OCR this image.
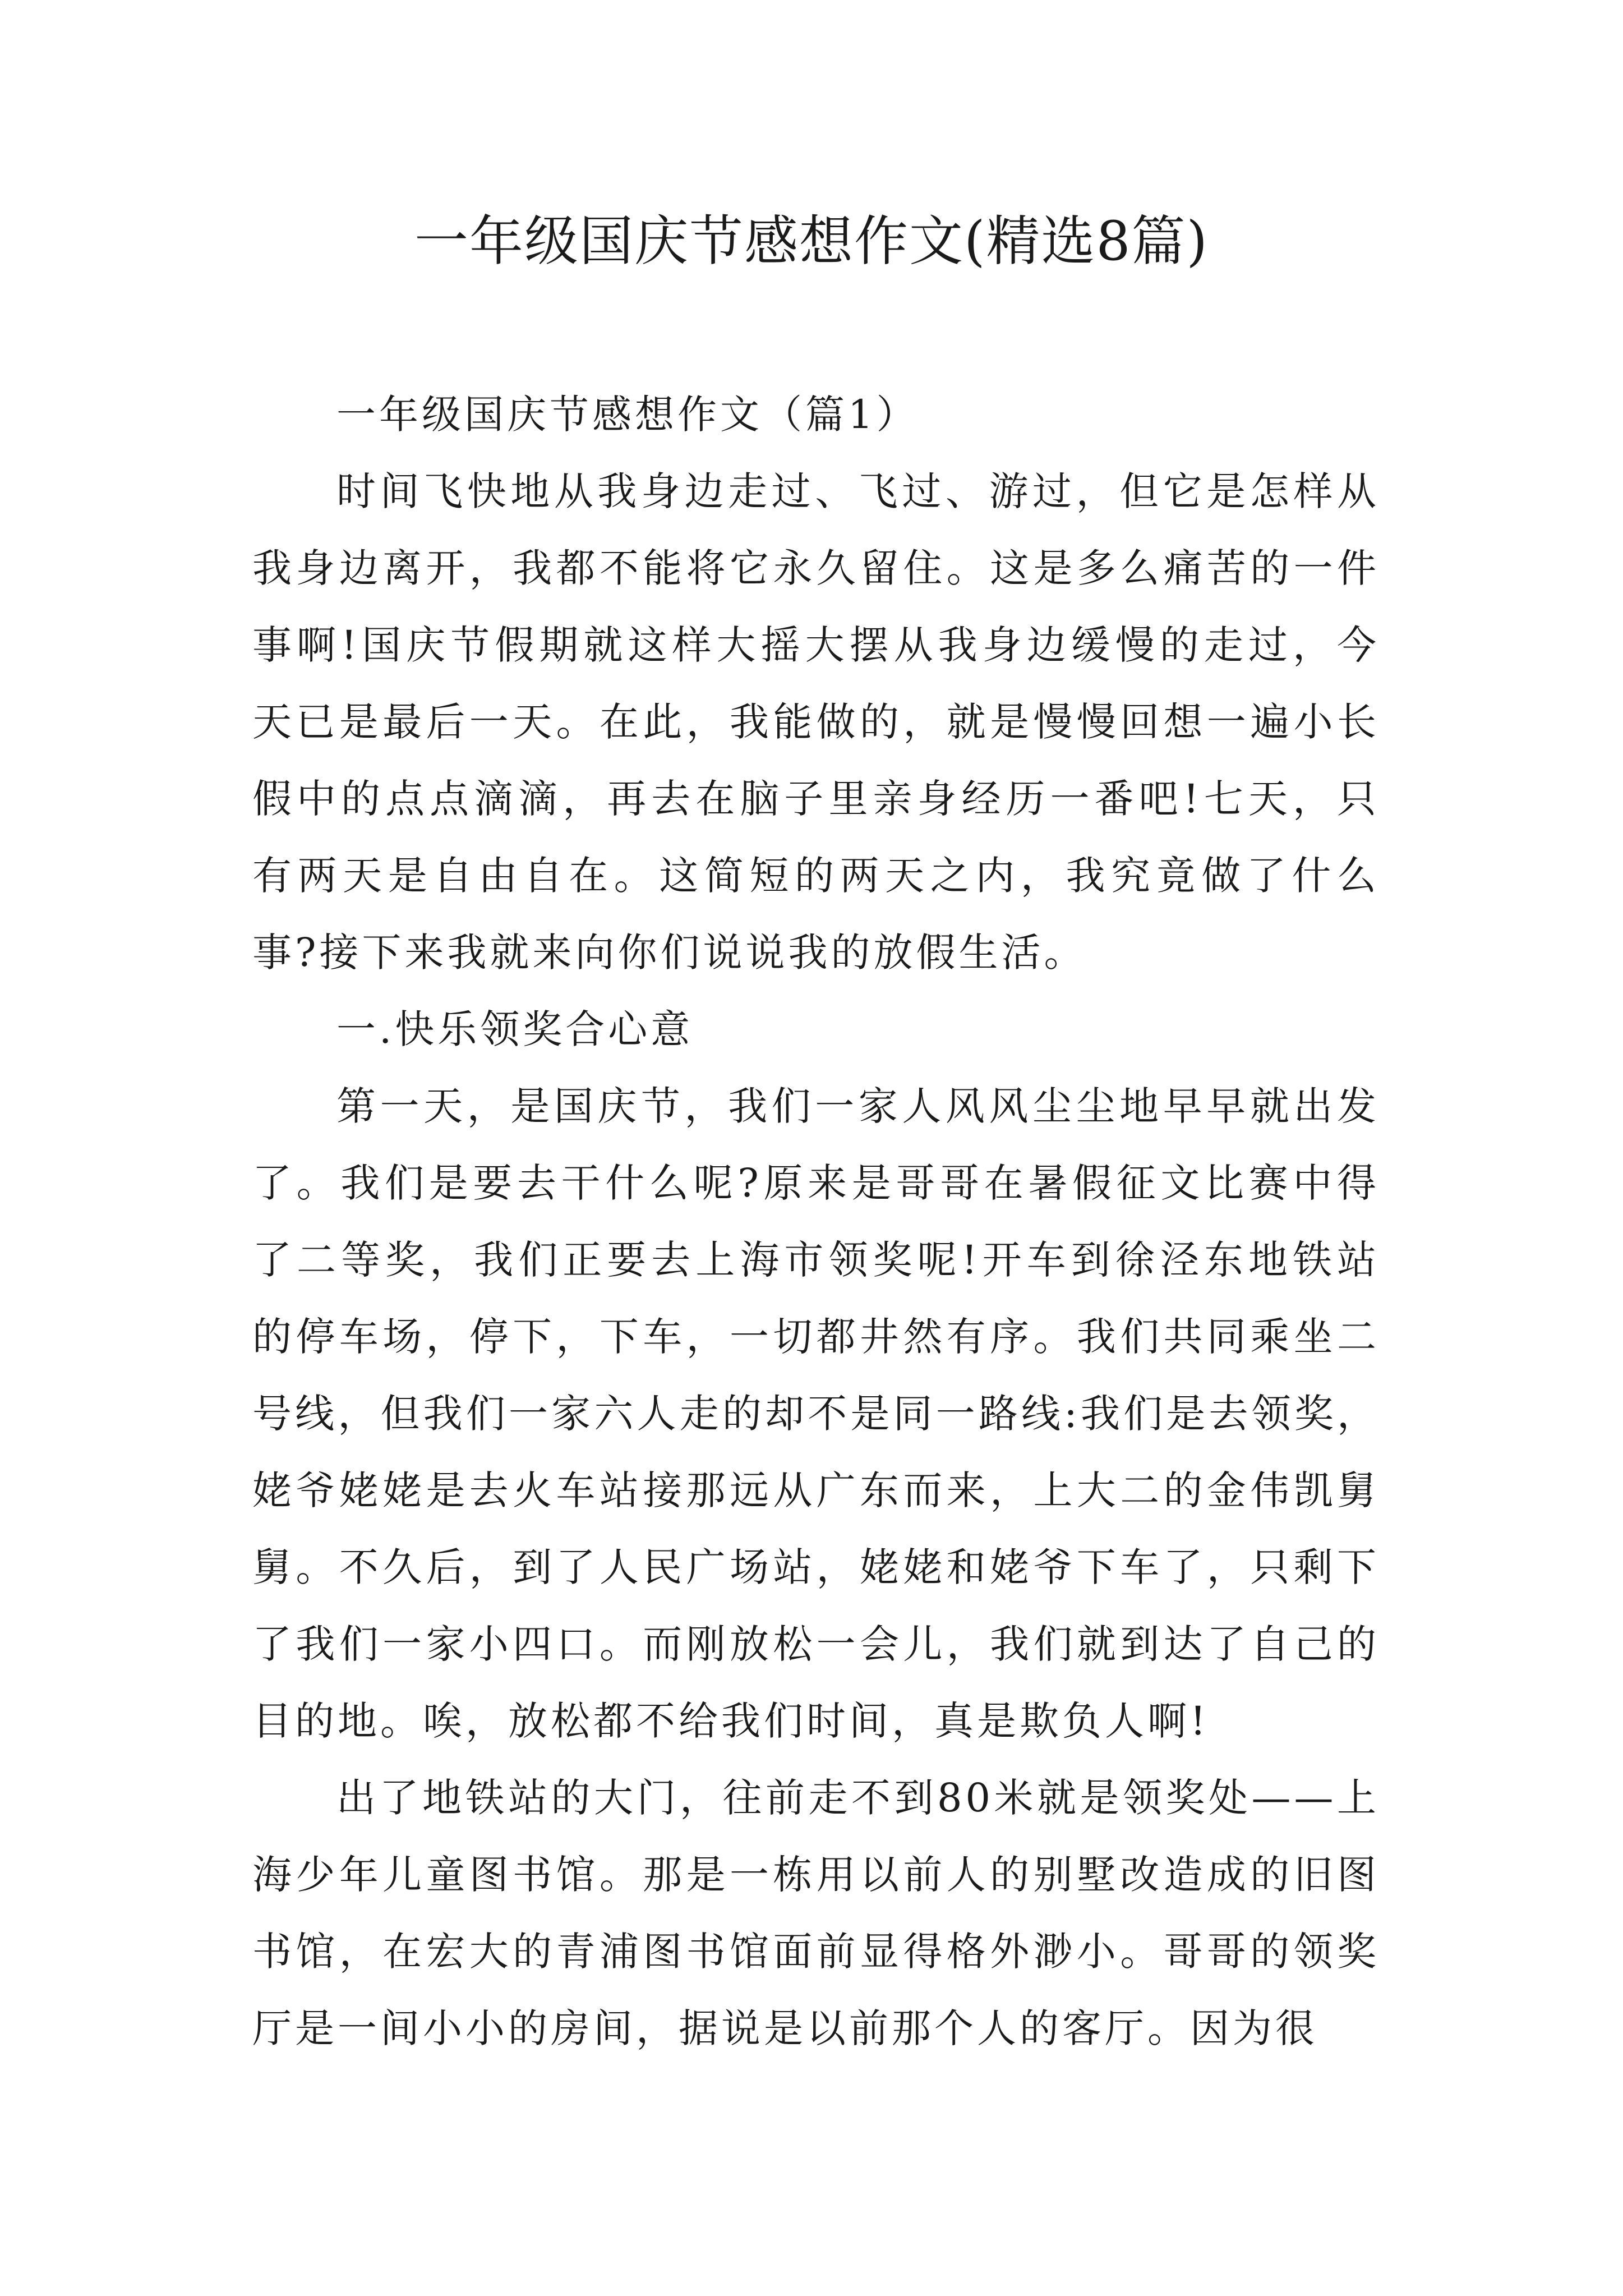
一年级国庆节感想作文(精选8篇)

一年级国庆节感想作文（篇1）

时间飞快地从我身边走过、飞过、游过，但它是怎样从我身边离开，我都不能将它永久留住。这是多么痛苦的一件事啊!国庆节假期就这样大摇大摆从我身边缓慢的走过，今天已是最后一天。在此，我能做的，就是慢慢回想一遍小长假中的点点滴滴，再去在脑子里亲身经历一番吧!七天，只有两天是自由自在。这简短的两天之内，我究竟做了什么事?接下来我就来向你们说说我的放假生活。

一.快乐领奖合心意

第一天，是国庆节，我们一家人风风尘尘地早早就出发了。我们是要去干什么呢?原来是哥哥在暑假征文比赛中得了二等奖，我们正要去上海市领奖呢!开车到徐泾东地铁站的停车场，停下，下车，一切都井然有序。我们共同乘坐二号线，但我们一家六人走的却不是同一路线:我们是去领奖，姥爷姥姥是去火车站接那远从广东而来，上大二的金伟凯舅舅。不久后，到了人民广场站，姥姥和姥爷下车了，只剩下了我们一家小四口。而刚放松一会儿，我们就到达了自己的目的地。唉，放松都不给我们时间，真是欺负人啊!

出了地铁站的大门，往前走不到80米就是领奖处——上海少年儿童图书馆。那是一栋用以前人的别墅改造成的旧图书馆，在宏大的青浦图书馆面前显得格外渺小。哥哥的领奖厅是一间小小的房间，据说是以前那个人的客厅。因为很
